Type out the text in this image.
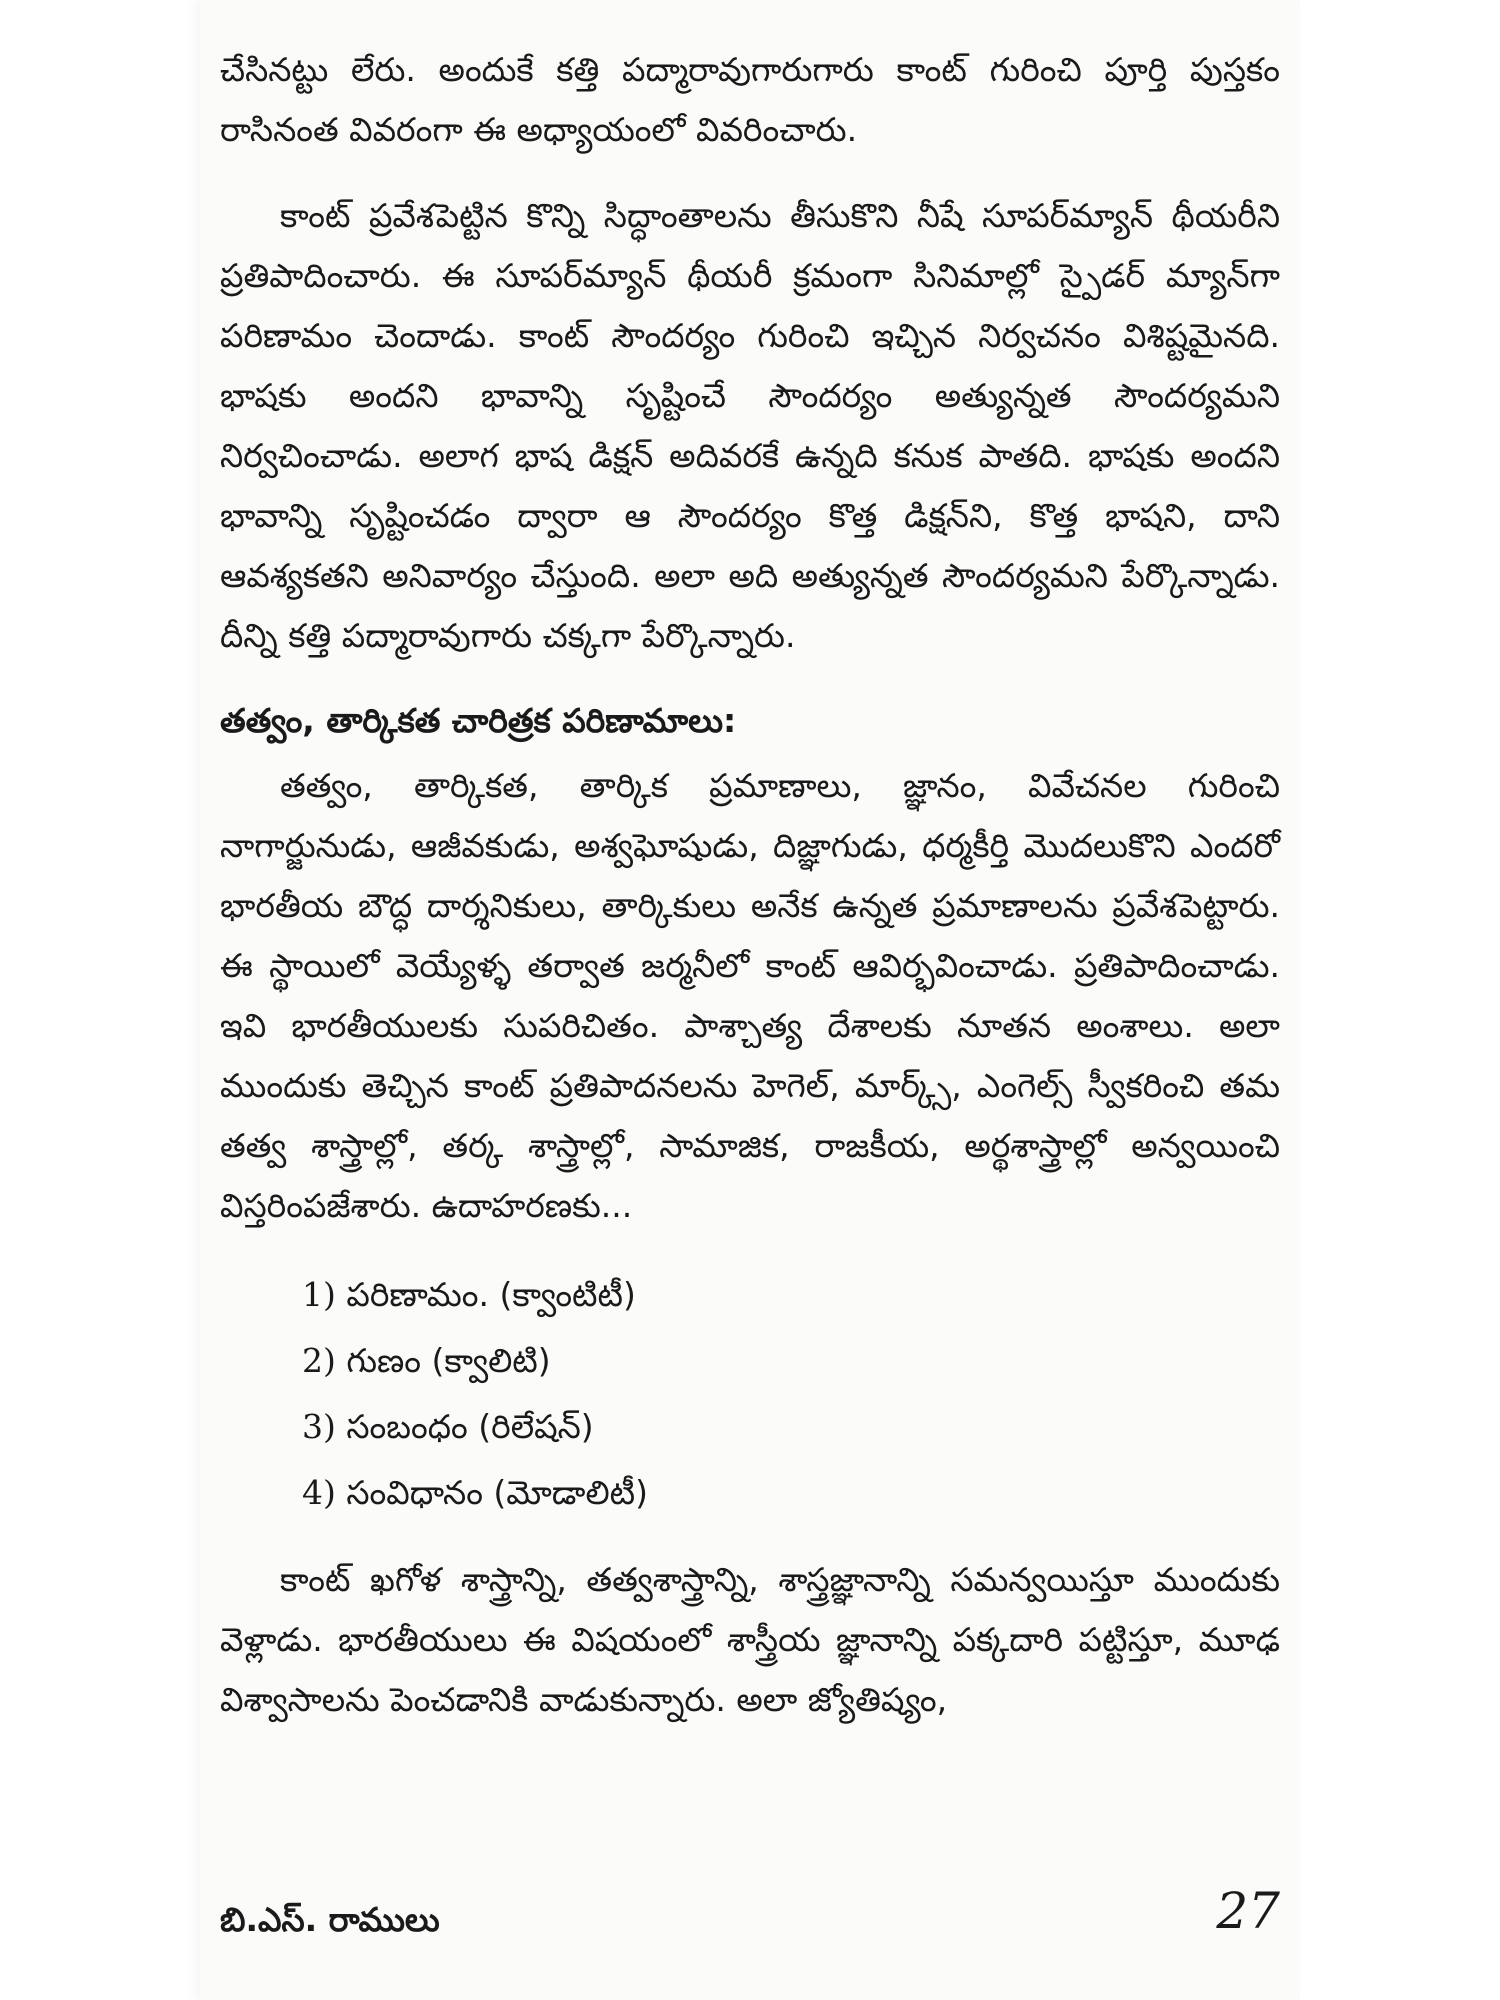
చేసినట్టు లేరు. అందుకే కత్తి పద్మారావుగారుగారు కాంట్ గురించి పూర్తి పుస్తకం రాసినంత వివరంగా ఈ అధ్యాయంలో వివరించారు.

కాంట్ ప్రవేశపెట్టిన కొన్ని సిద్ధాంతాలను తీసుకొని నీషే సూపర్‌మ్యాన్ థీయరీని ప్రతిపాదించారు. ఈ సూపర్‌మ్యాన్ థీయరీ క్రమంగా సినిమాల్లో స్పైడర్ మ్యాన్‌గా పరిణామం చెందాడు. కాంట్ సౌందర్యం గురించి ఇచ్చిన నిర్వచనం విశిష్టమైనది. భాషకు అందని భావాన్ని సృష్టించే సౌందర్యం అత్యున్నత సౌందర్యమని నిర్వచించాడు. అలాగ భాష డిక్షన్ అదివరకే ఉన్నది కనుక పాతది. భాషకు అందని భావాన్ని సృష్టించడం ద్వారా ఆ సౌందర్యం కొత్త డిక్షన్‌ని, కొత్త భాషని, దాని ఆవశ్యకతని అనివార్యం చేస్తుంది. అలా అది అత్యున్నత సౌందర్యమని పేర్కొన్నాడు. దీన్ని కత్తి పద్మారావుగారు చక్కగా పేర్కొన్నారు.

తత్వం, తార్కికత చారిత్రక పరిణామాలు:

తత్వం, తార్కికత, తార్కిక ప్రమాణాలు, జ్ఞానం, వివేచనల గురించి నాగార్జునుడు, ఆజీవకుడు, అశ్వఘోషుడు, దిజ్ఞాగుడు, ధర్మకీర్తి మొదలుకొని ఎందరో భారతీయ బౌద్ధ దార్శనికులు, తార్కికులు అనేక ఉన్నత ప్రమాణాలను ప్రవేశపెట్టారు. ఈ స్థాయిలో వెయ్యేళ్ళ తర్వాత జర్మనీలో కాంట్ ఆవిర్భవించాడు. ప్రతిపాదించాడు. ఇవి భారతీయులకు సుపరిచితం. పాశ్చాత్య దేశాలకు నూతన అంశాలు. అలా ముందుకు తెచ్చిన కాంట్ ప్రతిపాదనలను హెగెల్, మార్క్స్, ఎంగెల్స్ స్వీకరించి తమ తత్వ శాస్త్రాల్లో, తర్క శాస్త్రాల్లో, సామాజిక, రాజకీయ, అర్థశాస్త్రాల్లో అన్వయించి విస్తరింపజేశారు. ఉదాహరణకు...

1) పరిణామం. (క్వాంటిటీ)
2) గుణం (క్వాలిటి)
3) సంబంధం (రిలేషన్)
4) సంవిధానం (మోడాలిటీ)

కాంట్ ఖగోళ శాస్త్రాన్ని, తత్వశాస్త్రాన్ని, శాస్త్రజ్ఞానాన్ని సమన్వయిస్తూ ముందుకు వెళ్లాడు. భారతీయులు ఈ విషయంలో శాస్త్రీయ జ్ఞానాన్ని పక్కదారి పట్టిస్తూ, మూఢ విశ్వాసాలను పెంచడానికి వాడుకున్నారు. అలా జ్యోతిష్యం,

బి.ఎస్. రాములు	27
